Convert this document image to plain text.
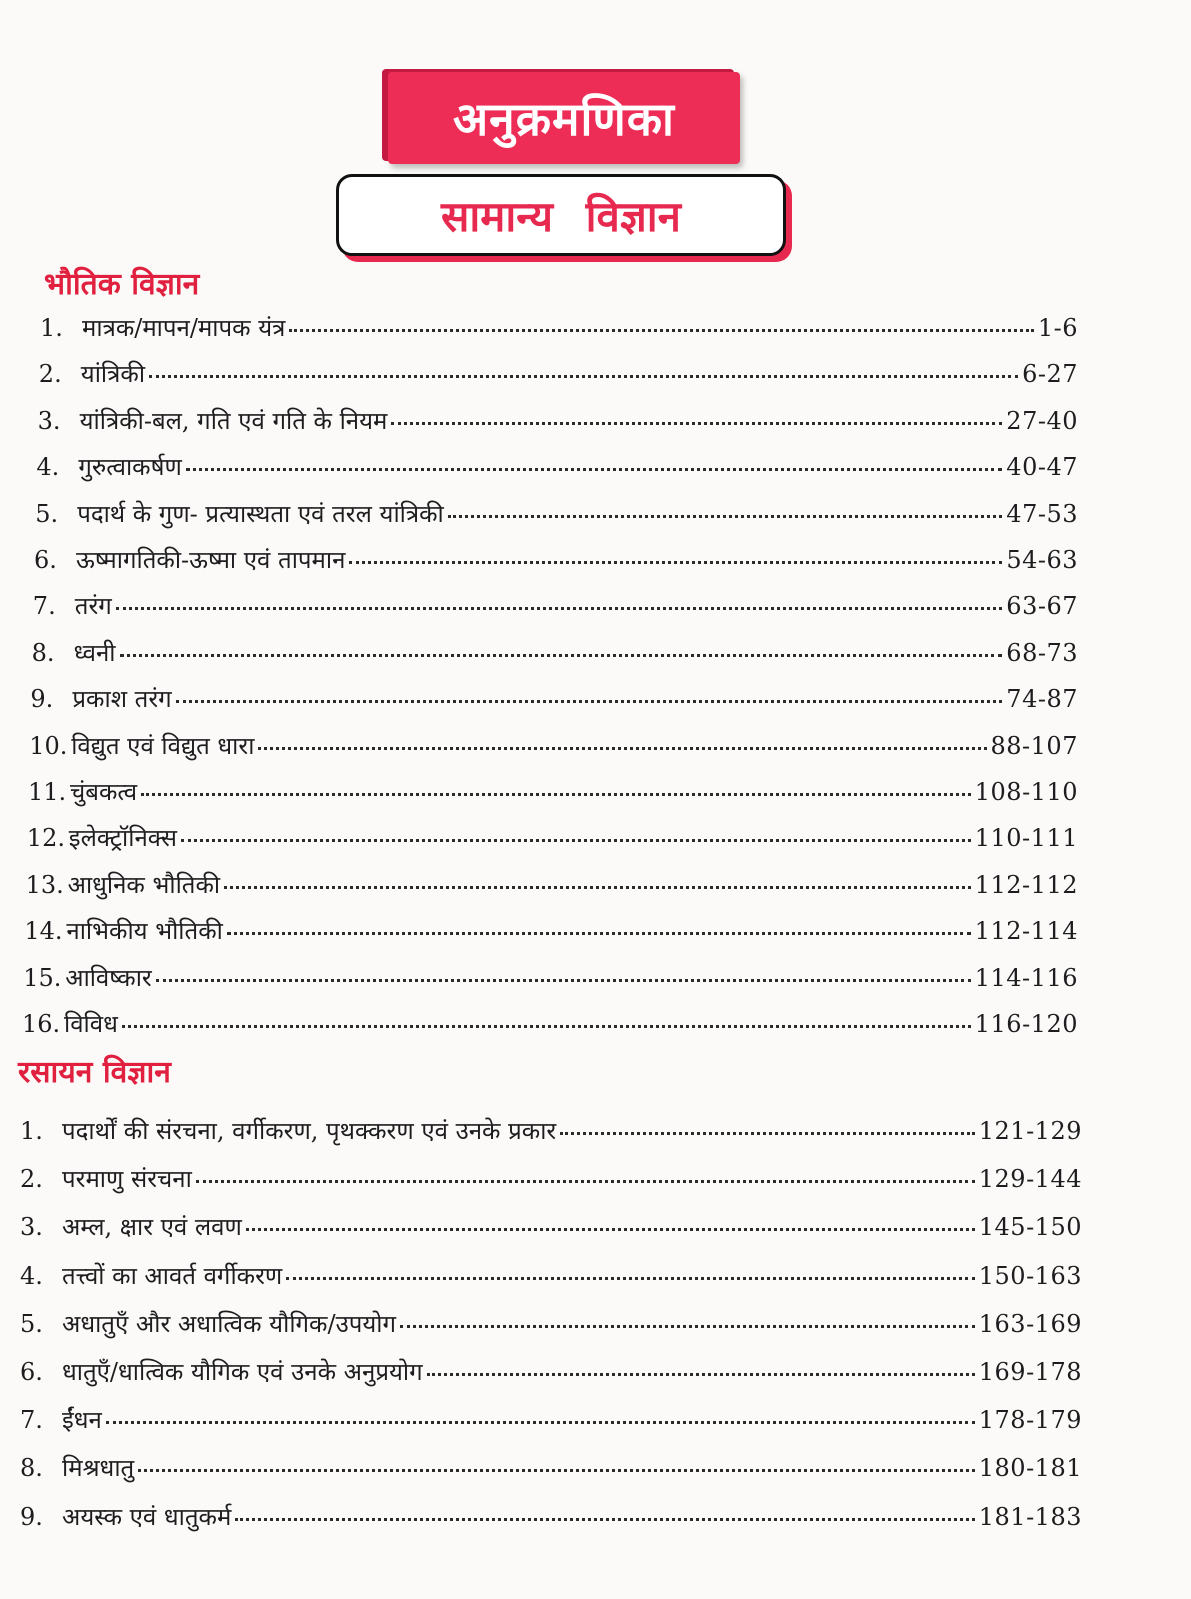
अनुक्रमणिका
सामान्य विज्ञान
भौतिक विज्ञान
1. मात्रक/मापन/मापक यंत्र	1-6
2. यांत्रिकी	6-27
3. यांत्रिकी-बल, गति एवं गति के नियम	27-40
4. गुरुत्वाकर्षण	40-47
5. पदार्थ के गुण- प्रत्यास्थता एवं तरल यांत्रिकी	47-53
6. ऊष्मागतिकी-ऊष्मा एवं तापमान	54-63
7. तरंग	63-67
8. ध्वनी	68-73
9. प्रकाश तरंग	74-87
10. विद्युत एवं विद्युत धारा	88-107
11. चुंबकत्व	108-110
12. इलेक्ट्रॉनिक्स	110-111
13. आधुनिक भौतिकी	112-112
14. नाभिकीय भौतिकी	112-114
15. आविष्कार	114-116
16. विविध	116-120
रसायन विज्ञान
1. पदार्थों की संरचना, वर्गीकरण, पृथक्करण एवं उनके प्रकार	121-129
2. परमाणु संरचना	129-144
3. अम्ल, क्षार एवं लवण	145-150
4. तत्त्वों का आवर्त वर्गीकरण	150-163
5. अधातुएँ और अधात्विक यौगिक/उपयोग	163-169
6. धातुएँ/धात्विक यौगिक एवं उनके अनुप्रयोग	169-178
7. ईंधन	178-179
8. मिश्रधातु	180-181
9. अयस्क एवं धातुकर्म	181-183
